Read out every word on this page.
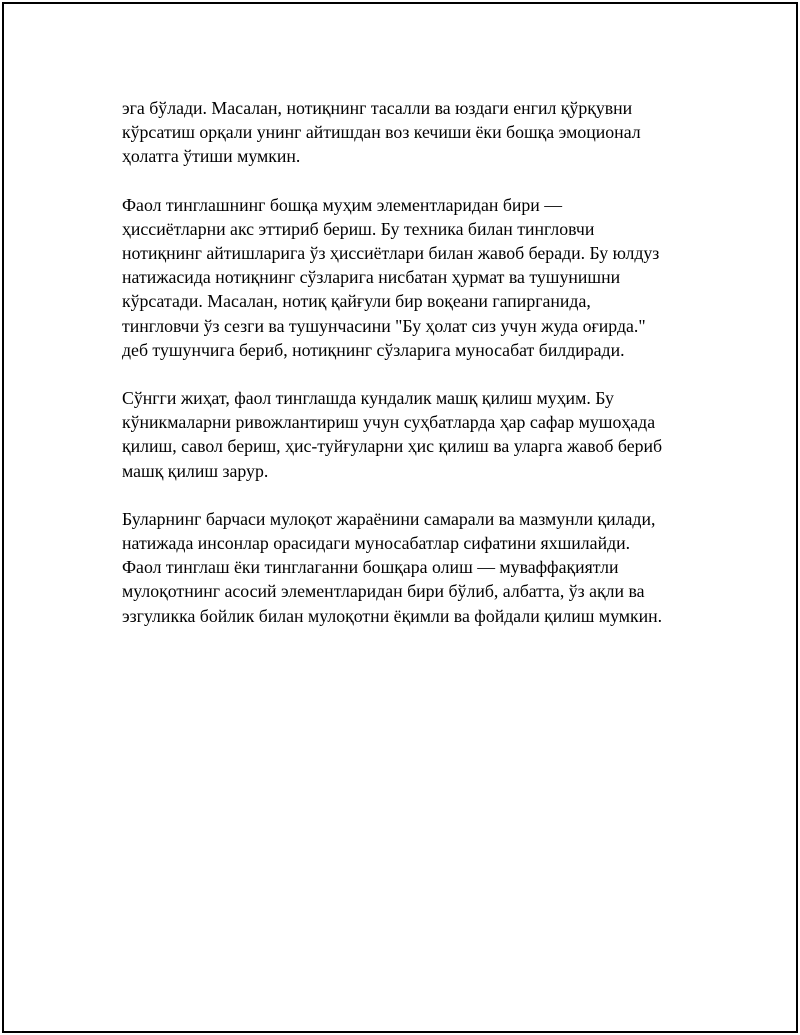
эга бўлади. Масалан, нотиқнинг тасалли ва юздаги енгил қўрқувни
кўрсатиш орқали унинг айтишдан воз кечиши ёки бошқа эмоционал
ҳолатга ўтиши мумкин.

Фаол тинглашнинг бошқа муҳим элементларидан бири —
ҳиссиётларни акс эттириб бериш. Бу техника билан тингловчи
нотиқнинг айтишларига ўз ҳиссиётлари билан жавоб беради. Бу юлдуз
натижасида нотиқнинг сўзларига нисбатан ҳурмат ва тушунишни
кўрсатади. Масалан, нотиқ қайғули бир воқеани гапирганида,
тингловчи ўз сезги ва тушунчасини "Бу ҳолат сиз учун жуда оғирда."
деб тушунчига бериб, нотиқнинг сўзларига муносабат билдиради.

Сўнгги жиҳат, фаол тинглашда кундалик машқ қилиш муҳим. Бу
кўникмаларни ривожлантириш учун суҳбатларда ҳар сафар мушоҳада
қилиш, савол бериш, ҳис-туйғуларни ҳис қилиш ва уларга жавоб бериб
машқ қилиш зарур.

Буларнинг барчаси мулоқот жараёнини самарали ва мазмунли қилади,
натижада инсонлар орасидаги муносабатлар сифатини яхшилайди.
Фаол тинглаш ёки тинглаганни бошқара олиш — муваффақиятли
мулоқотнинг асосий элементларидан бири бўлиб, албатта, ўз ақли ва
эзгуликка бойлик билан мулоқотни ёқимли ва фойдали қилиш мумкин.
